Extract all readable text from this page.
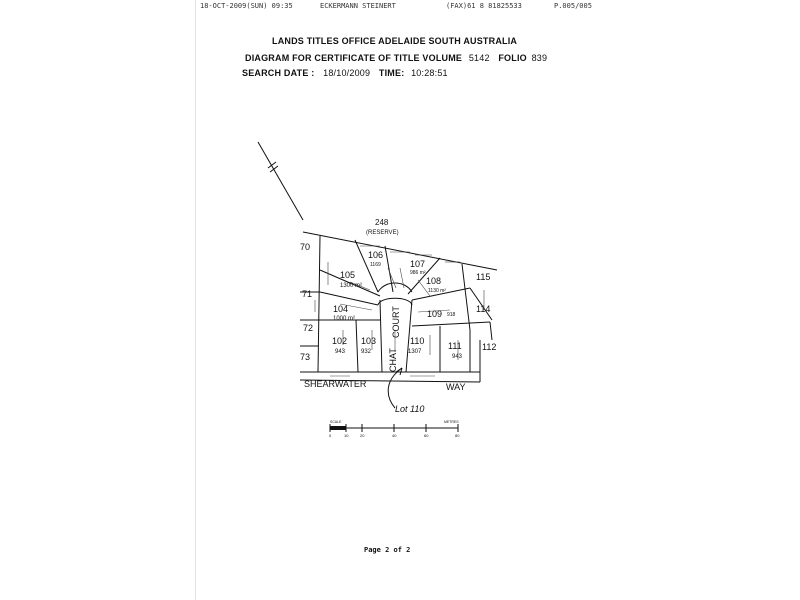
18-OCT-2009(SUN) 09:35	ECKERMANN STEINERT	(FAX)61 8 81825533	P.005/005
LANDS TITLES OFFICE ADELAIDE SOUTH AUSTRALIA
DIAGRAM FOR CERTIFICATE OF TITLE VOLUME 5142 FOLIO 839
SEARCH DATE : 18/10/2009 TIME: 10:28:51
248
(RESERVE)
70
71
72
73
102 103
104
105
106
107
108
109
110	111 112
114
115
1300 m²
1169
986 m²
1130 m²
1000 m²
918
943	932	1307
943
SHEARWATER	WAY
CHAT
COURT
Lot 110
SCALE	METRES
0	10	20	40	60	80
Page 2 of 2
